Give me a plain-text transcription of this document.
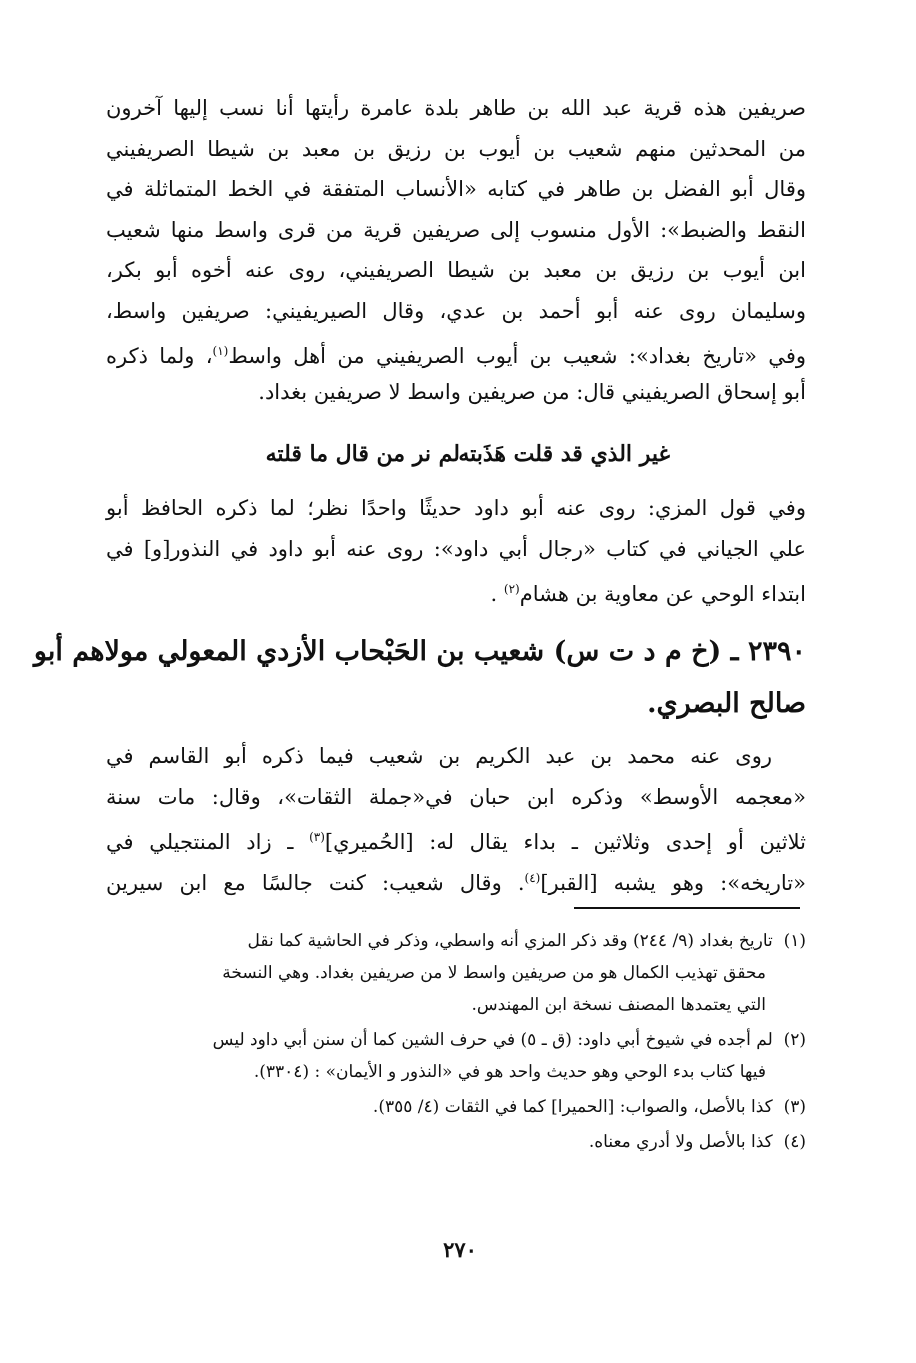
صريفين هذه قرية عبد الله بن طاهر بلدة عامرة رأيتها أنا نسب إليها آخرون
من المحدثين منهم شعيب بن أيوب بن رزيق بن معبد بن شيطا الصريفيني
وقال أبو الفضل بن طاهر في كتابه «الأنساب المتفقة في الخط المتماثلة في
النقط والضبط»: الأول منسوب إلى صريفين قرية من قرى واسط منها شعيب
ابن أيوب بن رزيق بن معبد بن شيطا الصريفيني، روى عنه أخوه أبو بكر،
وسليمان روى عنه أبو أحمد بن عدي، وقال الصيريفيني: صريفين واسط،
وفي «تاريخ بغداد»: شعيب بن أيوب الصريفيني من أهل واسط$^{(١)}$، ولما ذكره
أبو إسحاق الصريفيني قال: من صريفين واسط لا صريفين بغداد.
لم نر من قال ما قلته
غير الذي قد قلت هَذَبته
وفي قول المزي: روى عنه أبو داود حديثًا واحدًا نظر؛ لما ذكره الحافظ أبو
علي الجياني في كتاب «رجال أبي داود»: روى عنه أبو داود في النذور[و] في
ابتداء الوحي عن معاوية بن هشام$^{(٢)}$ .
٢٣٩٠ ـ (خ م د ت س) شعيب بن الحَبْحاب الأزدي المعولي مولاهم أبو
صالح البصري.
روى عنه محمد بن عبد الكريم بن شعيب فيما ذكره أبو القاسم في
«معجمه الأوسط» وذكره ابن حبان في«جملة الثقات»، وقال: مات سنة
ثلاثين أو إحدى وثلاثين ـ بداء يقال له: [الحُميري]$^{(٣)}$ ـ زاد المنتجيلي في
«تاريخه»: وهو يشبه [القبر]$^{(٤)}$. وقال شعيب: كنت جالسًا مع ابن سيرين
(١)  تاريخ بغداد (٩/ ٢٤٤) وقد ذكر المزي أنه واسطي، وذكر في الحاشية كما نقل
محقق تهذيب الكمال هو من صريفين واسط لا من صريفين بغداد. وهي النسخة
التي يعتمدها المصنف نسخة ابن المهندس.
(٢)  لم أجده في شيوخ أبي داود: (ق ـ ٥) في حرف الشين كما أن سنن أبي داود ليس
فيها كتاب بدء الوحي وهو حديث واحد هو في «النذور و الأيمان» : (٣٣٠٤).
(٣)  كذا بالأصل، والصواب: [الحميرا] كما في الثقات (٤/ ٣٥٥).
(٤)  كذا بالأصل ولا أدري معناه.
٢٧٠
